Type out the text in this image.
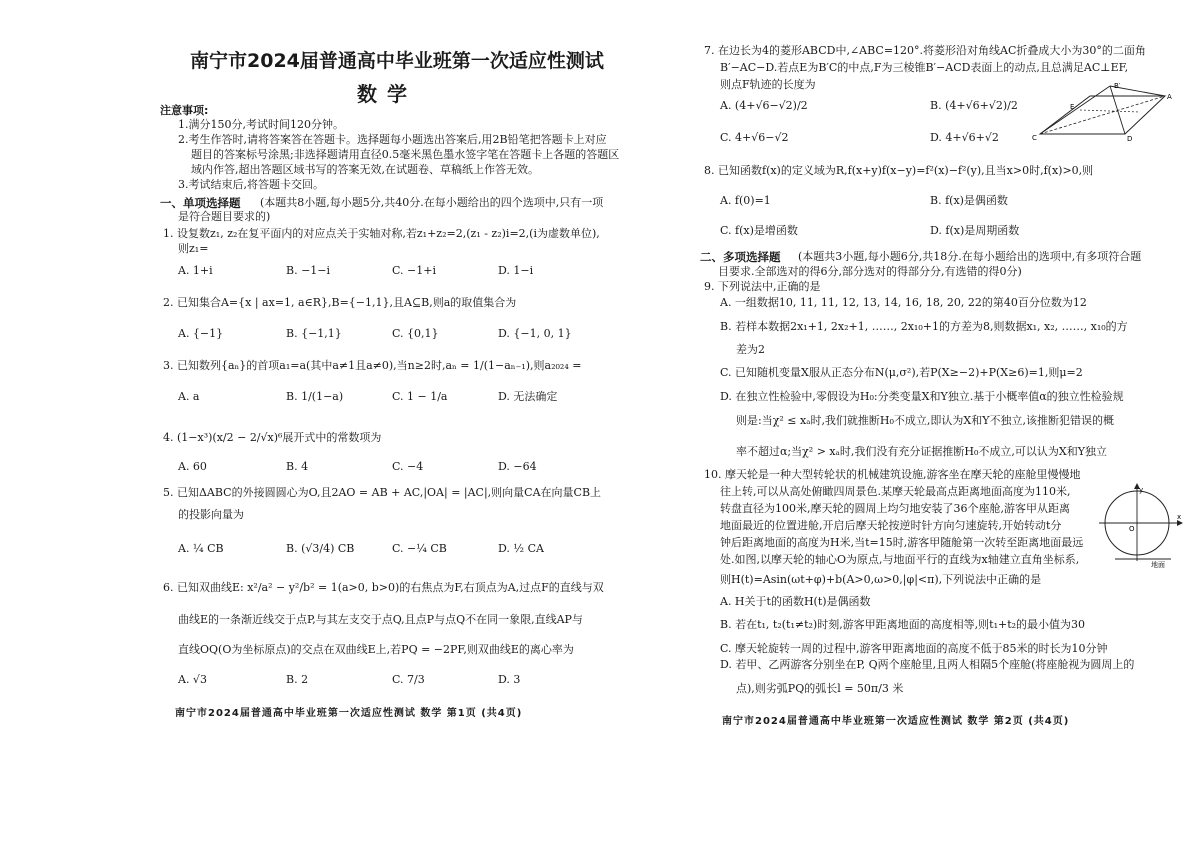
南宁市2024届普通高中毕业班第一次适应性测试
数学
注意事项:
1.满分150分,考试时间120分钟。
2.考生作答时,请将答案答在答题卡。选择题每小题选出答案后,用2B铅笔把答题卡上对应
题目的答案标号涂黑;非选择题请用直径0.5毫米黑色墨水签字笔在答题卡上各题的答题区
域内作答,超出答题区域书写的答案无效,在试题卷、草稿纸上作答无效。
3.考试结束后,将答题卡交回。
一、单项选择题 (本题共8小题,每小题5分,共40分.在每小题给出的四个选项中,只有一项
是符合题目要求的)
1. 设复数z₁, z₂在复平面内的对应点关于实轴对称,若z₁+z₂=2,(z₁ - z₂)i=2,(i为虚数单位),
则z₁=
A. 1+i	B. −1−i	C. −1+i	D. 1−i
2. 已知集合A={x | ax=1, a∈R},B={−1,1},且A⊆B,则a的取值集合为
A. {−1}	B. {−1,1}	C. {0,1}	D. {−1, 0, 1}
3. 已知数列{aₙ}的首项a₁=a(其中a≠1且a≠0),当n≥2时,aₙ = 1/(1−aₙ₋₁),则a₂₀₂₄ =
A. a	B. 1/(1−a)	C. 1 − 1/a	D. 无法确定
4. (1−x³)(x/2 − 2/√x)⁶展开式中的常数项为
A. 60	B. 4	C. −4	D. −64
5. 已知ΔABC的外接圆圆心为O,且2AO = AB + AC,|OA| = |AC|,则向量CA在向量CB上
的投影向量为
A. ¼ CB	B. (√3/4) CB	C. −¼ CB	D. ½ CA
6. 已知双曲线E: x²/a² − y²/b² = 1(a>0, b>0)的右焦点为F,右顶点为A,过点F的直线与双
曲线E的一条渐近线交于点P,与其左支交于点Q,且点P与点Q不在同一象限,直线AP与
直线OQ(O为坐标原点)的交点在双曲线E上,若PQ = −2PF,则双曲线E的离心率为
A. √3	B. 2	C. 7/3	D. 3
南宁市2024届普通高中毕业班第一次适应性测试 数学 第1页 (共4页)
7. 在边长为4的菱形ABCD中,∠ABC=120°.将菱形沿对角线AC折叠成大小为30°的二面角
B′−AC−D.若点E为B′C的中点,F为三棱锥B′−ACD表面上的动点,且总满足AC⊥EF,
则点F轨迹的长度为
A. (4+√6−√2)/2	B. (4+√6+√2)/2
C. 4+√6−√2	D. 4+√6+√2
B′
A
E
C	D
8. 已知函数f(x)的定义域为R,f(x+y)f(x−y)=f²(x)−f²(y),且当x>0时,f(x)>0,则
A. f(0)=1	B. f(x)是偶函数
C. f(x)是增函数	D. f(x)是周期函数
二、多项选择题 (本题共3小题,每小题6分,共18分.在每小题给出的选项中,有多项符合题
目要求.全部选对的得6分,部分选对的得部分分,有选错的得0分)
9. 下列说法中,正确的是
A. 一组数据10, 11, 11, 12, 13, 14, 16, 18, 20, 22的第40百分位数为12
B. 若样本数据2x₁+1, 2x₂+1, ……, 2x₁₀+1的方差为8,则数据x₁, x₂, ……, x₁₀的方
差为2
C. 已知随机变量X服从正态分布N(μ,σ²),若P(X≥−2)+P(X≥6)=1,则μ=2
D. 在独立性检验中,零假设为H₀:分类变量X和Y独立.基于小概率值α的独立性检验规
则是:当χ² ≤ xₐ时,我们就推断H₀不成立,即认为X和Y不独立,该推断犯错误的概
率不超过α;当χ² > xₐ时,我们没有充分证据推断H₀不成立,可以认为X和Y独立
10. 摩天轮是一种大型转轮状的机械建筑设施,游客坐在摩天轮的座舱里慢慢地
往上转,可以从高处俯瞰四周景色.某摩天轮最高点距离地面高度为110米,
转盘直径为100米,摩天轮的圆周上均匀地安装了36个座舱,游客甲从距离
地面最近的位置进舱,开启后摩天轮按逆时针方向匀速旋转,开始转动t分
钟后距离地面的高度为H米,当t=15时,游客甲随舱第一次转至距离地面最远
处.如图,以摩天轮的轴心O为原点,与地面平行的直线为x轴建立直角坐标系,
则H(t)=Asin(ωt+φ)+b(A>0,ω>0,|φ|<π),下列说法中正确的是
A. H关于t的函数H(t)是偶函数
B. 若在t₁, t₂(t₁≠t₂)时刻,游客甲距离地面的高度相等,则t₁+t₂的最小值为30
C. 摩天轮旋转一周的过程中,游客甲距离地面的高度不低于85米的时长为10分钟
D. 若甲、乙两游客分别坐在P, Q两个座舱里,且两人相隔5个座舱(将座舱视为圆周上的
点),则劣弧PQ的弧长l = 50π/3 米
y
x
O
地面
南宁市2024届普通高中毕业班第一次适应性测试 数学 第2页 (共4页)
